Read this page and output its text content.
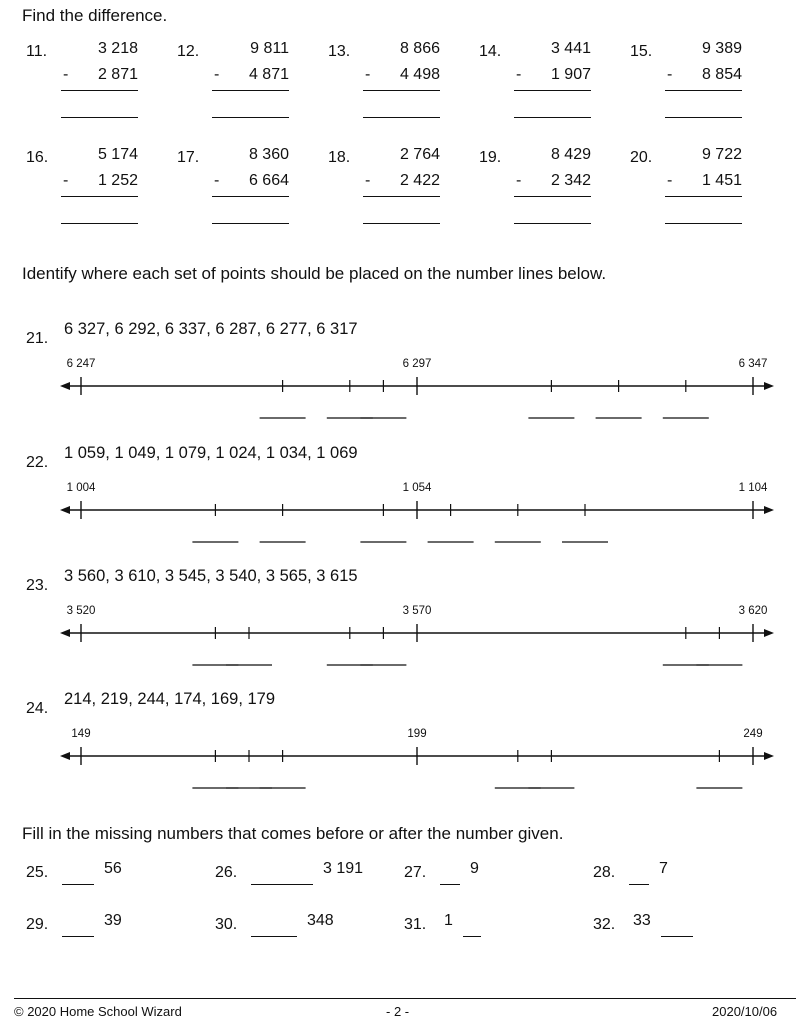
Find the difference.
11.	3 218
-	2 871
12.	9 811
-	4 871
13.	8 866
-	4 498
14.	3 441
-	1 907
15.	9 389
-	8 854
16.	5 174
-	1 252
17.	8 360
-	6 664
18.	2 764
-	2 422
19.	8 429
-	2 342
20.	9 722
-	1 451
Identify where each set of points should be placed on the number lines below.
21.
6 327, 6 292, 6 337, 6 287, 6 277, 6 317
6 247	6 297	6 347
22.
1 059, 1 049, 1 079, 1 024, 1 034, 1 069
1 004	1 054	1 104
23.
3 560, 3 610, 3 545, 3 540, 3 565, 3 615
3 520	3 570	3 620
24.
214, 219, 244, 174, 169, 179
149	199	249
Fill in the missing numbers that comes before or after the number given.
25.	56	26.	3 191	27.	9	28.	7
29.	39	30.	348	31. 1	32. 33
© 2020 Home School Wizard	- 2 -	2020/10/06
